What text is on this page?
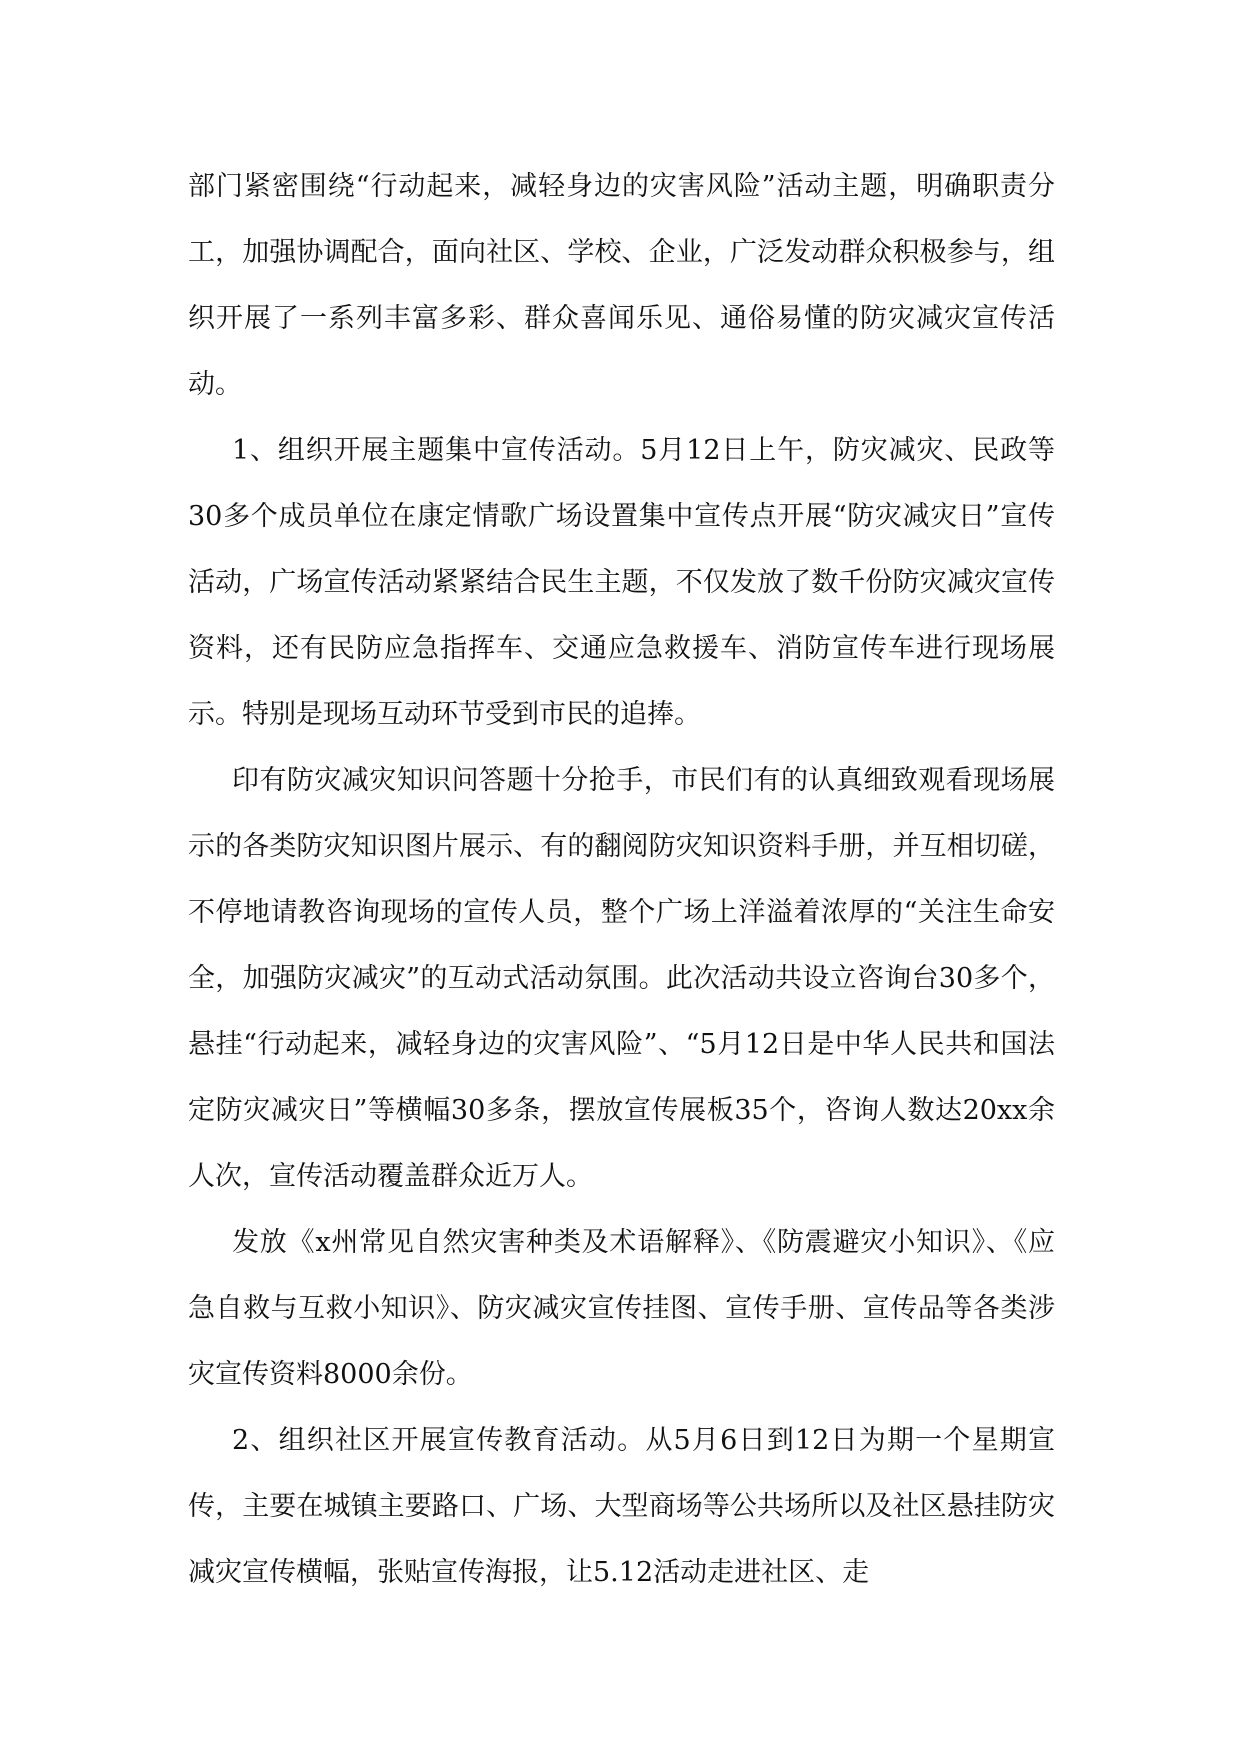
部门紧密围绕“行动起来，减轻身边的灾害风险”活动主题，明确职责分工，加强协调配合，面向社区、学校、企业，广泛发动群众积极参与，组织开展了一系列丰富多彩、群众喜闻乐见、通俗易懂的防灾减灾宣传活动。

1、组织开展主题集中宣传活动。5月12日上午，防灾减灾、民政等30多个成员单位在康定情歌广场设置集中宣传点开展“防灾减灾日”宣传活动，广场宣传活动紧紧结合民生主题，不仅发放了数千份防灾减灾宣传资料，还有民防应急指挥车、交通应急救援车、消防宣传车进行现场展示。特别是现场互动环节受到市民的追捧。

印有防灾减灾知识问答题十分抢手，市民们有的认真细致观看现场展示的各类防灾知识图片展示、有的翻阅防灾知识资料手册，并互相切磋，不停地请教咨询现场的宣传人员，整个广场上洋溢着浓厚的“关注生命安全，加强防灾减灾”的互动式活动氛围。此次活动共设立咨询台30多个，悬挂“行动起来，减轻身边的灾害风险”、“5月12日是中华人民共和国法定防灾减灾日”等横幅30多条，摆放宣传展板35个，咨询人数达20xx余人次，宣传活动覆盖群众近万人。

发放《x州常见自然灾害种类及术语解释》、《防震避灾小知识》、《应急自救与互救小知识》、防灾减灾宣传挂图、宣传手册、宣传品等各类涉灾宣传资料8000余份。

2、组织社区开展宣传教育活动。从5月6日到12日为期一个星期宣传，主要在城镇主要路口、广场、大型商场等公共场所以及社区悬挂防灾减灾宣传横幅，张贴宣传海报，让5.12活动走进社区、走
